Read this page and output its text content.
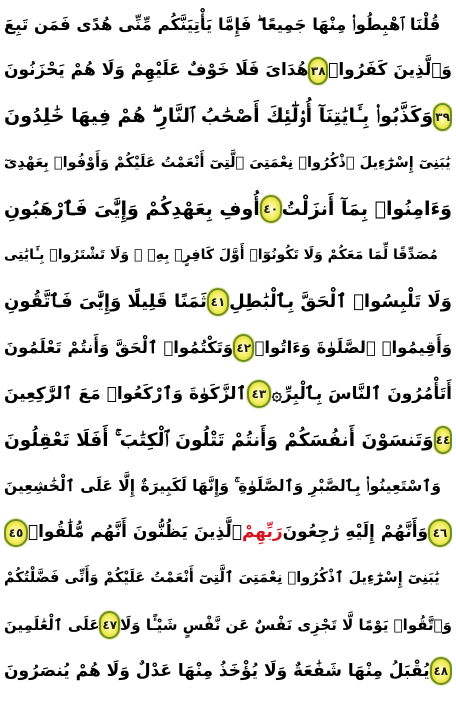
قُلْنَا ٱهْبِطُوا۟ مِنْهَا جَمِيعًا ۖ فَإِمَّا يَأْتِيَنَّكُم مِّنِّى هُدًى فَمَن تَبِعَ
هُدَاىَ فَلَا خَوْفٌ عَلَيْهِمْ وَلَا هُمْ يَحْزَنُونَ ٣٨ وَٱلَّذِينَ كَفَرُوا۟
وَكَذَّبُوا۟ بِـَٔايَٰتِنَآ أُو۟لَٰٓئِكَ أَصْحَٰبُ ٱلنَّارِ ۖ هُمْ فِيهَا خَٰلِدُونَ ٣٩
يَٰبَنِىٓ إِسْرَٰٓءِيلَ ٱذْكُرُوا۟ نِعْمَتِىَ ٱلَّتِىٓ أَنْعَمْتُ عَلَيْكُمْ وَأَوْفُوا۟ بِعَهْدِىٓ
أُوفِ بِعَهْدِكُمْ وَإِيَّٰىَ فَٱرْهَبُونِ ٤٠ وَءَامِنُوا۟ بِمَآ أَنزَلْتُ
مُصَدِّقًا لِّمَا مَعَكُمْ وَلَا تَكُونُوٓا۟ أَوَّلَ كَافِرٍۭ بِهِۦ ۖ وَلَا تَشْتَرُوا۟ بِـَٔايَٰتِى
ثَمَنًا قَلِيلًا وَإِيَّٰىَ فَٱتَّقُونِ ٤١ وَلَا تَلْبِسُوا۟ ٱلْحَقَّ بِٱلْبَٰطِلِ
وَتَكْتُمُوا۟ ٱلْحَقَّ وَأَنتُمْ تَعْلَمُونَ ٤٢ وَأَقِيمُوا۟ ٱلصَّلَوٰةَ وَءَاتُوا۟
ٱلزَّكَوٰةَ وَٱرْكَعُوا۟ مَعَ ٱلرَّٰكِعِينَ ٤٣ ۞ أَتَأْمُرُونَ ٱلنَّاسَ بِٱلْبِرِّ
وَتَنسَوْنَ أَنفُسَكُمْ وَأَنتُمْ تَتْلُونَ ٱلْكِتَٰبَ ۚ أَفَلَا تَعْقِلُونَ ٤٤
وَٱسْتَعِينُوا۟ بِٱلصَّبْرِ وَٱلصَّلَوٰةِ ۚ وَإِنَّهَا لَكَبِيرَةٌ إِلَّا عَلَى ٱلْخَٰشِعِينَ
٤٥ ٱلَّذِينَ يَظُنُّونَ أَنَّهُم مُّلَٰقُوا۟ رَبِّهِمْ وَأَنَّهُمْ إِلَيْهِ رَٰجِعُونَ ٤٦
يَٰبَنِىٓ إِسْرَٰٓءِيلَ ٱذْكُرُوا۟ نِعْمَتِىَ ٱلَّتِىٓ أَنْعَمْتُ عَلَيْكُمْ وَأَنِّى فَضَّلْتُكُمْ
عَلَى ٱلْعَٰلَمِينَ ٤٧ وَٱتَّقُوا۟ يَوْمًا لَّا تَجْزِى نَفْسٌ عَن نَّفْسٍ شَيْـًٔا وَلَا
يُقْبَلُ مِنْهَا شَفَٰعَةٌ وَلَا يُؤْخَذُ مِنْهَا عَدْلٌ وَلَا هُمْ يُنصَرُونَ ٤٨
